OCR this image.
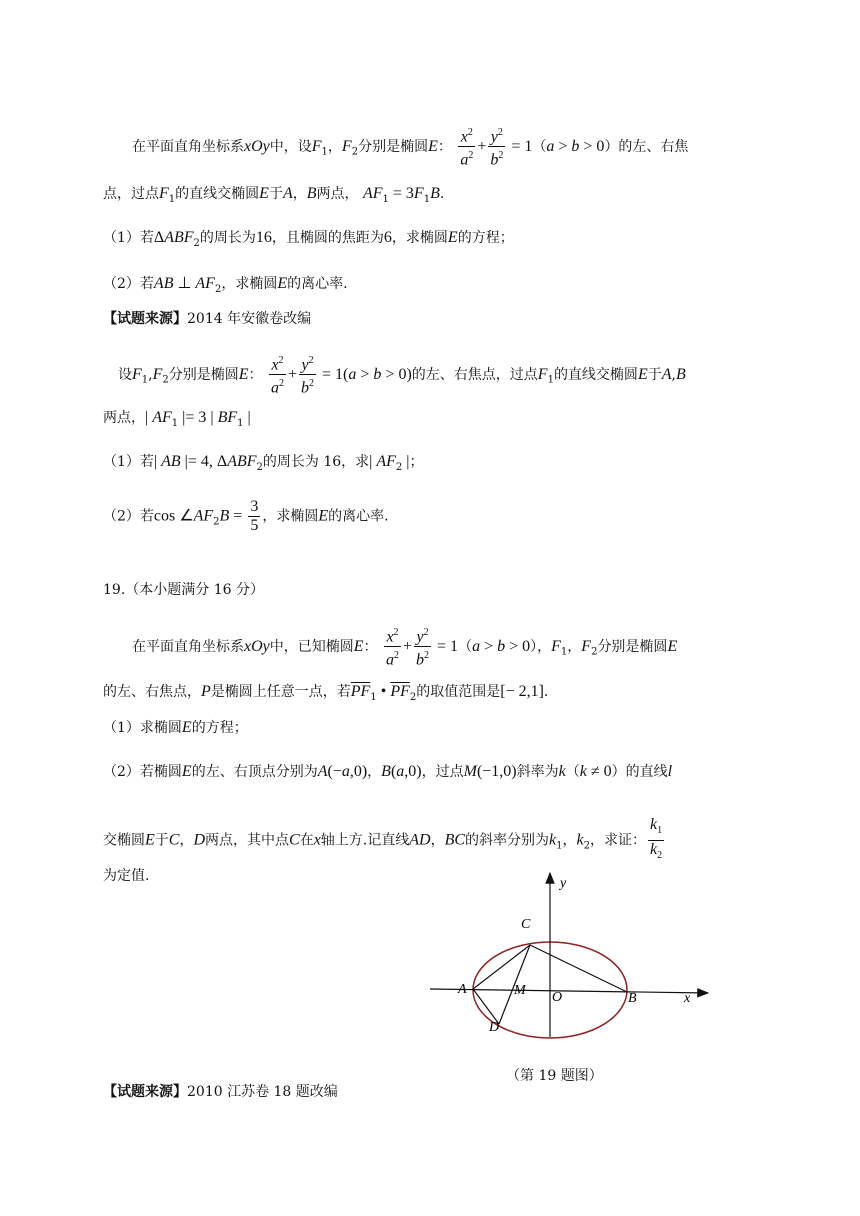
在平面直角坐标系xOy中，设$F_1$，$F_2$分别是椭圆E： $\frac{x^2}{a^2} + \frac{y^2}{b^2} = 1(a > b > 0)$的左、右焦
点，过点$F_1$的直线交椭圆E于A，B两点， $AF_1 = 3F_1B$.
（1）若$\Delta ABF_2$的周长为16，且椭圆的焦距为6，求椭圆E的方程；
（2）若AB ⊥ $AF_2$，求椭圆E的离心率.
【试题来源】2014 年安徽卷改编
设$F_1,F_2$分别是椭圆E： $\frac{x^2}{a^2} + \frac{y^2}{b^2} = 1(a > b > 0)$的左、右焦点，过点$F_1$的直线交椭圆E于A,B
两点，| $AF_1$ |= 3 | $BF_1$ |
（1）若| AB |= 4, $\Delta ABF_2$的周长为 16，求| $AF_2$ |；
（2）若$\cos \angle AF_2B = \frac{3}{5}$ ，求椭圆E的离心率.
19.（本小题满分 16 分）
在平面直角坐标系xOy中，已知椭圆E： $\frac{x^2}{a^2} + \frac{y^2}{b^2} = 1(a > b > 0)$，$F_1$，$F_2$分别是椭圆E
的左、右焦点，P是椭圆上任意一点，若$\overline{PF}_1$ • $\overline{PF}_2$的取值范围是[− 2,1].
（1）求椭圆E的方程；
（2）若椭圆E的左、右顶点分别为A(−a,0)，B(a,0)，过点M(−1,0)斜率为k（k ≠ 0）的直线l
交椭圆E于C，D两点，其中点C在x轴上方.记直线AD，BC的斜率分别为$k_1$，$k_2$，求证： $\frac{k_1}{k_2}$
为定值.	y
C
A	M O	B	x
D
（第 19 题图）
【试题来源】2010 江苏卷 18 题改编
